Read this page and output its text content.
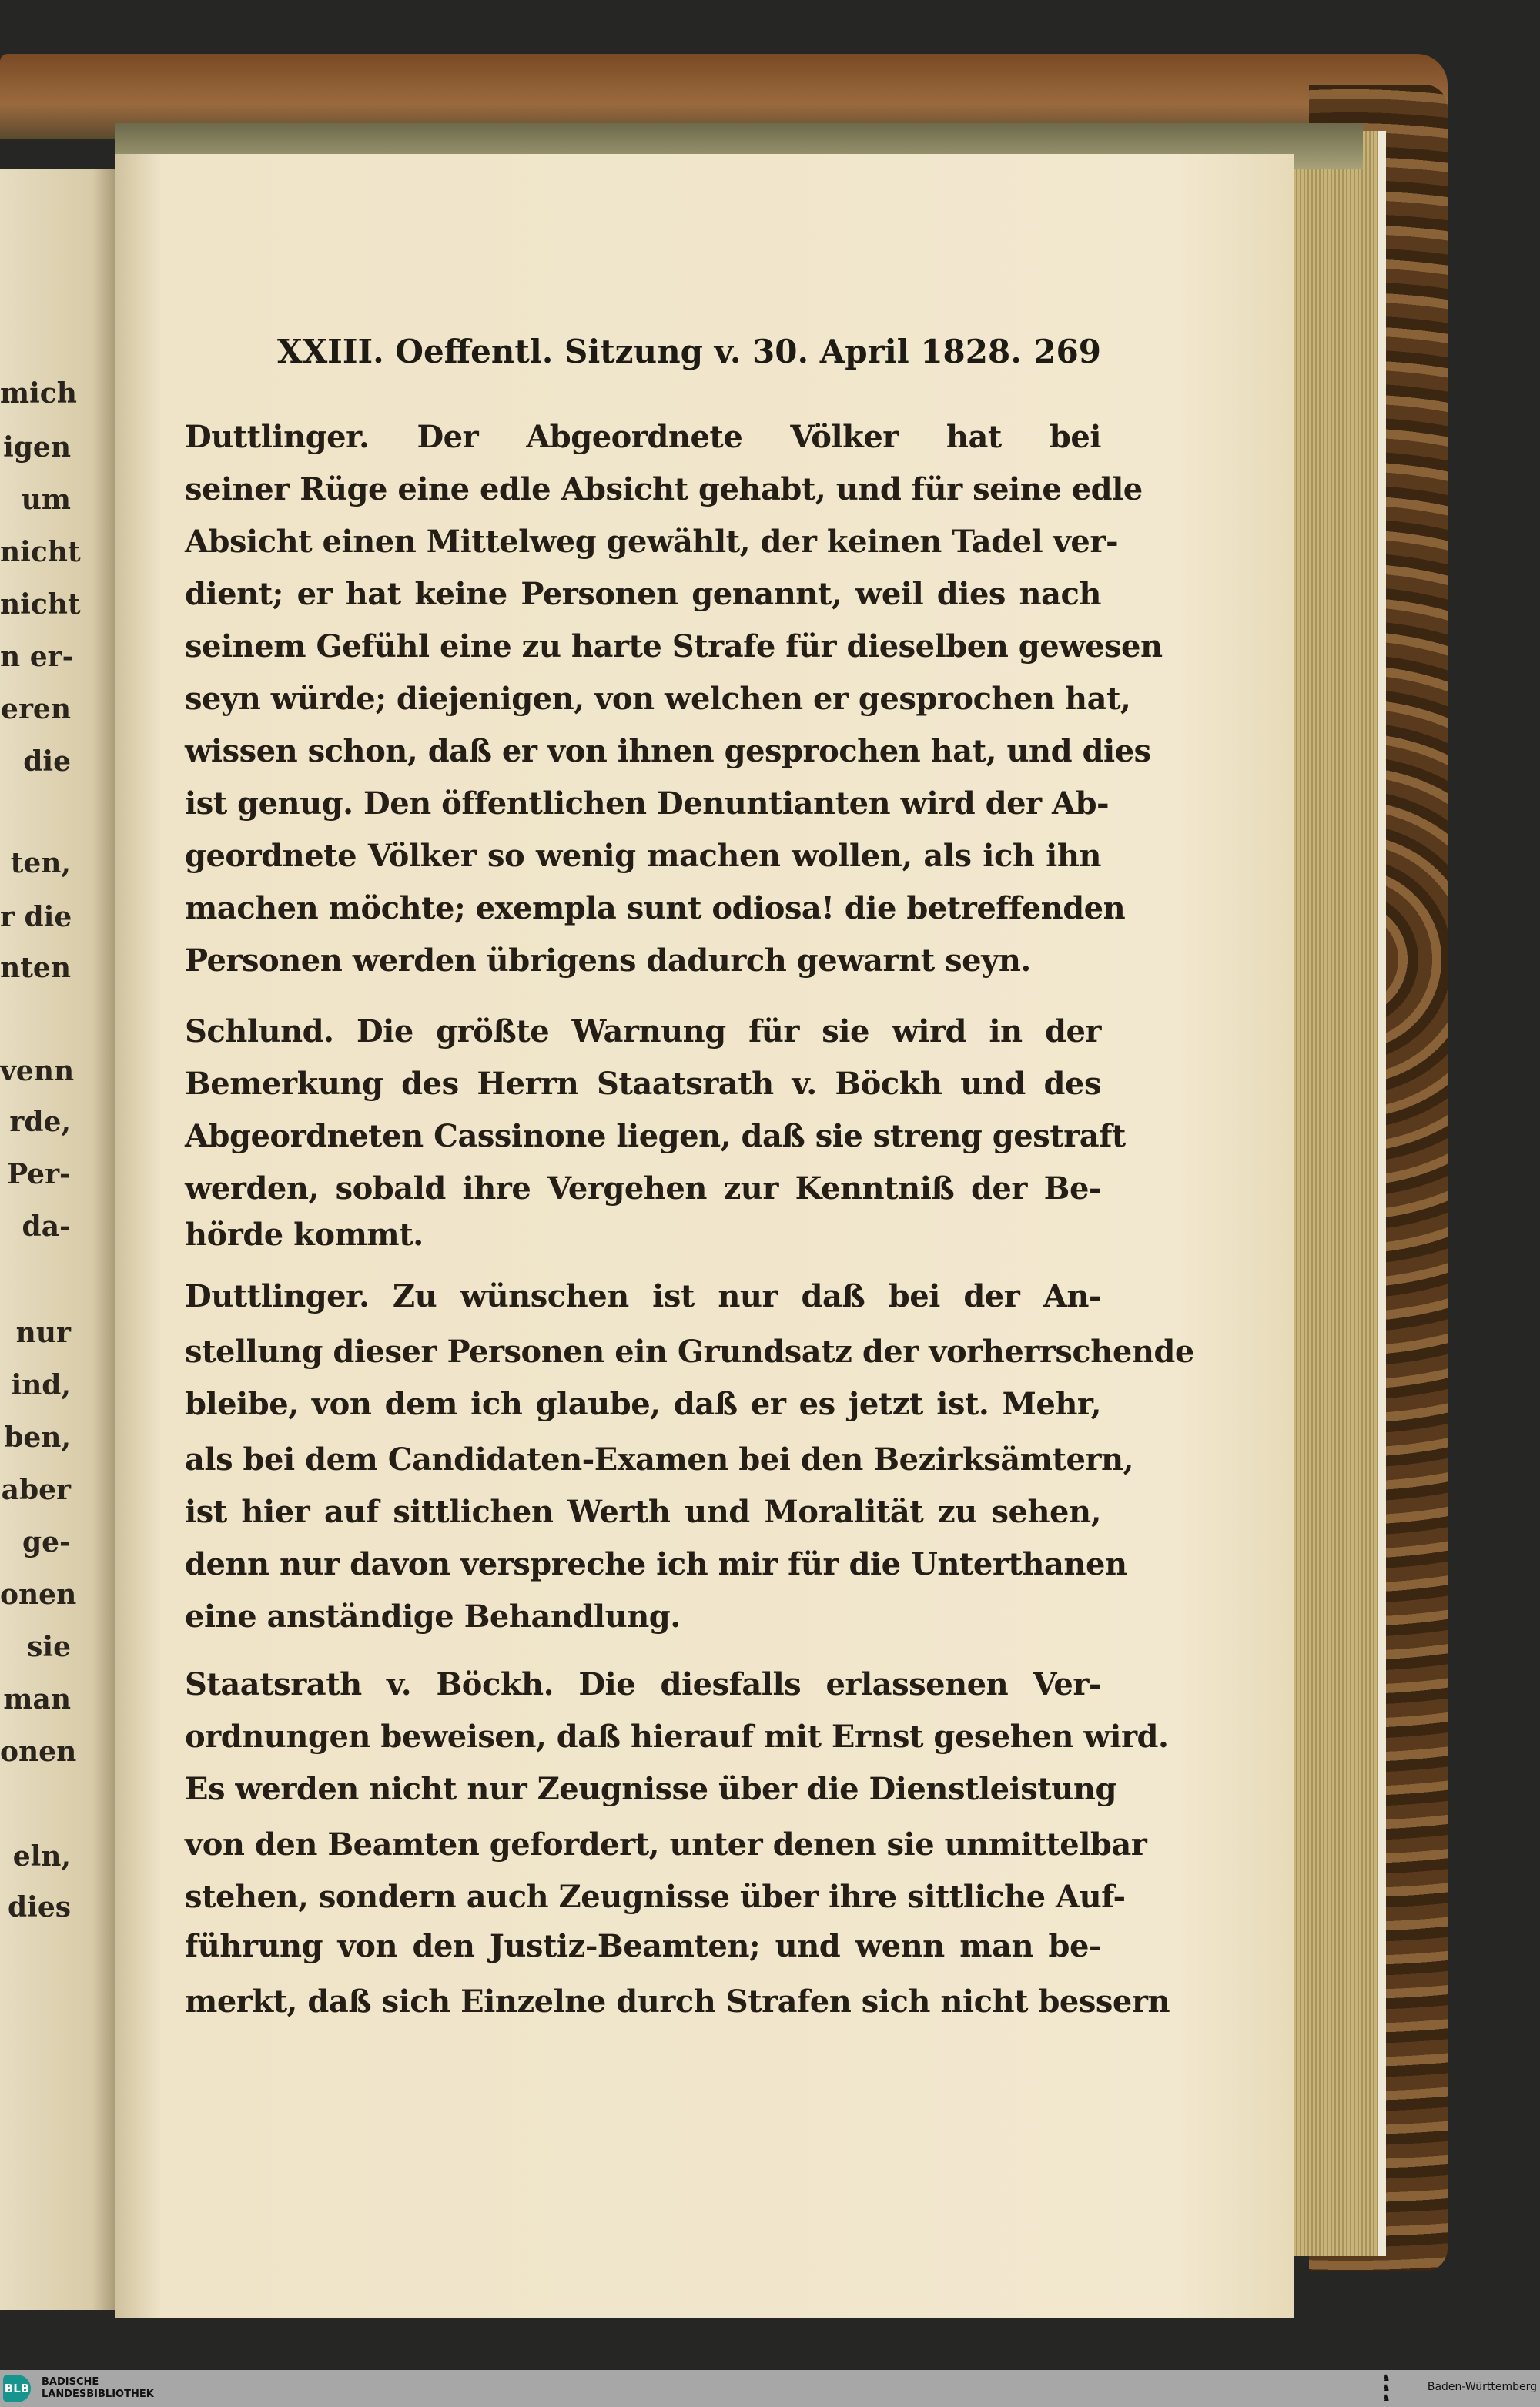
XXIII. Oeffentl. Sitzung v. 30. April 1828. 269
Duttlinger. Der Abgeordnete Völker hat bei
seiner Rüge eine edle Absicht gehabt, und für seine edle
Absicht einen Mittelweg gewählt, der keinen Tadel ver-
dient; er hat keine Personen genannt, weil dies nach
seinem Gefühl eine zu harte Strafe für dieselben gewesen
seyn würde; diejenigen, von welchen er gesprochen hat,
wissen schon, daß er von ihnen gesprochen hat, und dies
ist genug. Den öffentlichen Denuntianten wird der Ab-
geordnete Völker so wenig machen wollen, als ich ihn
machen möchte; exempla sunt odiosa! die betreffenden
Personen werden übrigens dadurch gewarnt seyn.
Schlund. Die größte Warnung für sie wird in der
Bemerkung des Herrn Staatsrath v. Böckh und des
Abgeordneten Cassinone liegen, daß sie streng gestraft
werden, sobald ihre Vergehen zur Kenntniß der Be-
hörde kommt.
Duttlinger. Zu wünschen ist nur daß bei der An-
stellung dieser Personen ein Grundsatz der vorherrschende
bleibe, von dem ich glaube, daß er es jetzt ist. Mehr,
als bei dem Candidaten-Examen bei den Bezirksämtern,
ist hier auf sittlichen Werth und Moralität zu sehen,
denn nur davon verspreche ich mir für die Unterthanen
eine anständige Behandlung.
Staatsrath v. Böckh. Die diesfalls erlassenen Ver-
ordnungen beweisen, daß hierauf mit Ernst gesehen wird.
Es werden nicht nur Zeugnisse über die Dienstleistung
von den Beamten gefordert, unter denen sie unmittelbar
stehen, sondern auch Zeugnisse über ihre sittliche Auf-
führung von den Justiz-Beamten; und wenn man be-
merkt, daß sich Einzelne durch Strafen sich nicht bessern
mich
igen
um
nicht
nicht
n er-
eren
die
ten,
r die
nten
venn
rde,
Per-
da-
nur
ind,
ben,
aber
ge-
onen
sie
man
onen
eln,
dies
BLB BADISCHE
LANDESBIBLIOTHEK
♞
♞
♞
Baden-Württemberg
